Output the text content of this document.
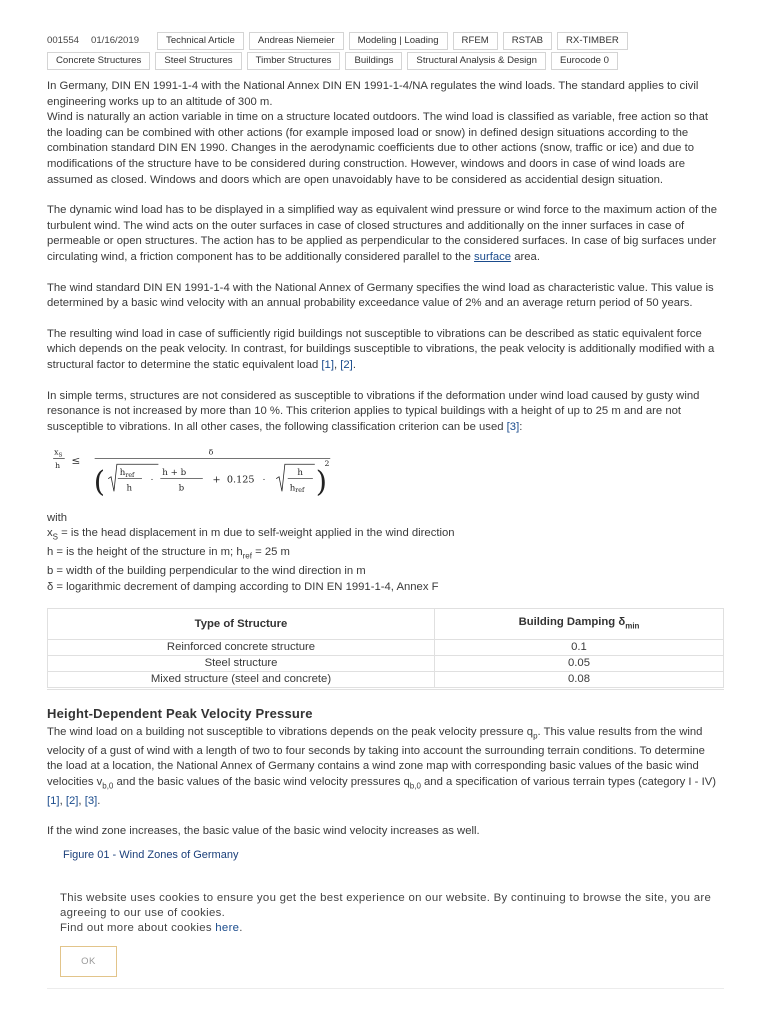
001554 01/16/2019	Technical Article	Andreas Niemeier	Modeling | Loading	RFEM	RSTAB	RX-TIMBER
Concrete Structures	Steel Structures	Timber Structures	Buildings	Structural Analysis & Design	Eurocode 0

In Germany, DIN EN 1991-1-4 with the National Annex DIN EN 1991-1-4/NA regulates the wind loads. The standard applies to civil engineering works up to an altitude of 300 m.
Wind is naturally an action variable in time on a structure located outdoors. The wind load is classified as variable, free action so that the loading can be combined with other actions (for example imposed load or snow) in defined design situations according to the combination standard DIN EN 1990. Changes in the aerodynamic coefficients due to other actions (snow, traffic or ice) and due to modifications of the structure have to be considered during construction. However, windows and doors in case of wind loads are assumed as closed. Windows and doors which are open unavoidably have to be considered as accidential design situation.

The dynamic wind load has to be displayed in a simplified way as equivalent wind pressure or wind force to the maximum action of the turbulent wind. The wind acts on the outer surfaces in case of closed structures and additionally on the inner surfaces in case of permeable or open structures. The action has to be applied as perpendicular to the considered surfaces. In case of big surfaces under circulating wind, a friction component has to be additionally considered parallel to the surface area.

The wind standard DIN EN 1991-1-4 with the National Annex of Germany specifies the wind load as characteristic value. This value is determined by a basic wind velocity with an annual probability exceedance value of 2% and an average return period of 50 years.

The resulting wind load in case of sufficiently rigid buildings not susceptible to vibrations can be described as static equivalent force which depends on the peak velocity. In contrast, for buildings susceptible to vibrations, the peak velocity is additionally modified with a structural factor to determine the static equivalent load [1], [2].

In simple terms, structures are not considered as susceptible to vibrations if the deformation under wind load caused by gusty wind resonance is not increased by more than 10 %. This criterion applies to typical buildings with a height of up to 25 m and are not susceptible to vibrations. In all other cases, the following classification criterion can be used [3]:

$x_S$
h ≤
δ
( $h_{ref}$
h
·
h + b
b
+ 0.125 ·
h
$h_{ref}$ )
2
with
$x_S$ = is the head displacement in m due to self-weight applied in the wind direction
h = is the height of the structure in m; $h_{ref} = 25$ m
b = width of the building perpendicular to the wind direction in m
δ = logarithmic decrement of damping according to DIN EN 1991-1-4, Annex F
Type of Structure	Building Damping $\delta_{min}$
Reinforced concrete structure	0.1
Steel structure	0.05
Mixed structure (steel and concrete)	0.08
Height-Dependent Peak Velocity Pressure

The wind load on a building not susceptible to vibrations depends on the peak velocity pressure $q_p$. This value results from the wind velocity of a gust of wind with a length of two to four seconds by taking into account the surrounding terrain conditions. To determine the load at a location, the National Annex of Germany contains a wind zone map with corresponding basic values of the basic wind velocities $v_{b,0}$ and the basic values of the basic wind velocity pressures $q_{b,0}$ and a specification of various terrain types (category I - IV) [1], [2], [3].

If the wind zone increases, the basic value of the basic wind velocity increases as well.

Figure 01 - Wind Zones of Germany
This website uses cookies to ensure you get the best experience on our website. By continuing to browse the site, you are agreeing to our use of cookies.
Find out more about cookies here.
OK
